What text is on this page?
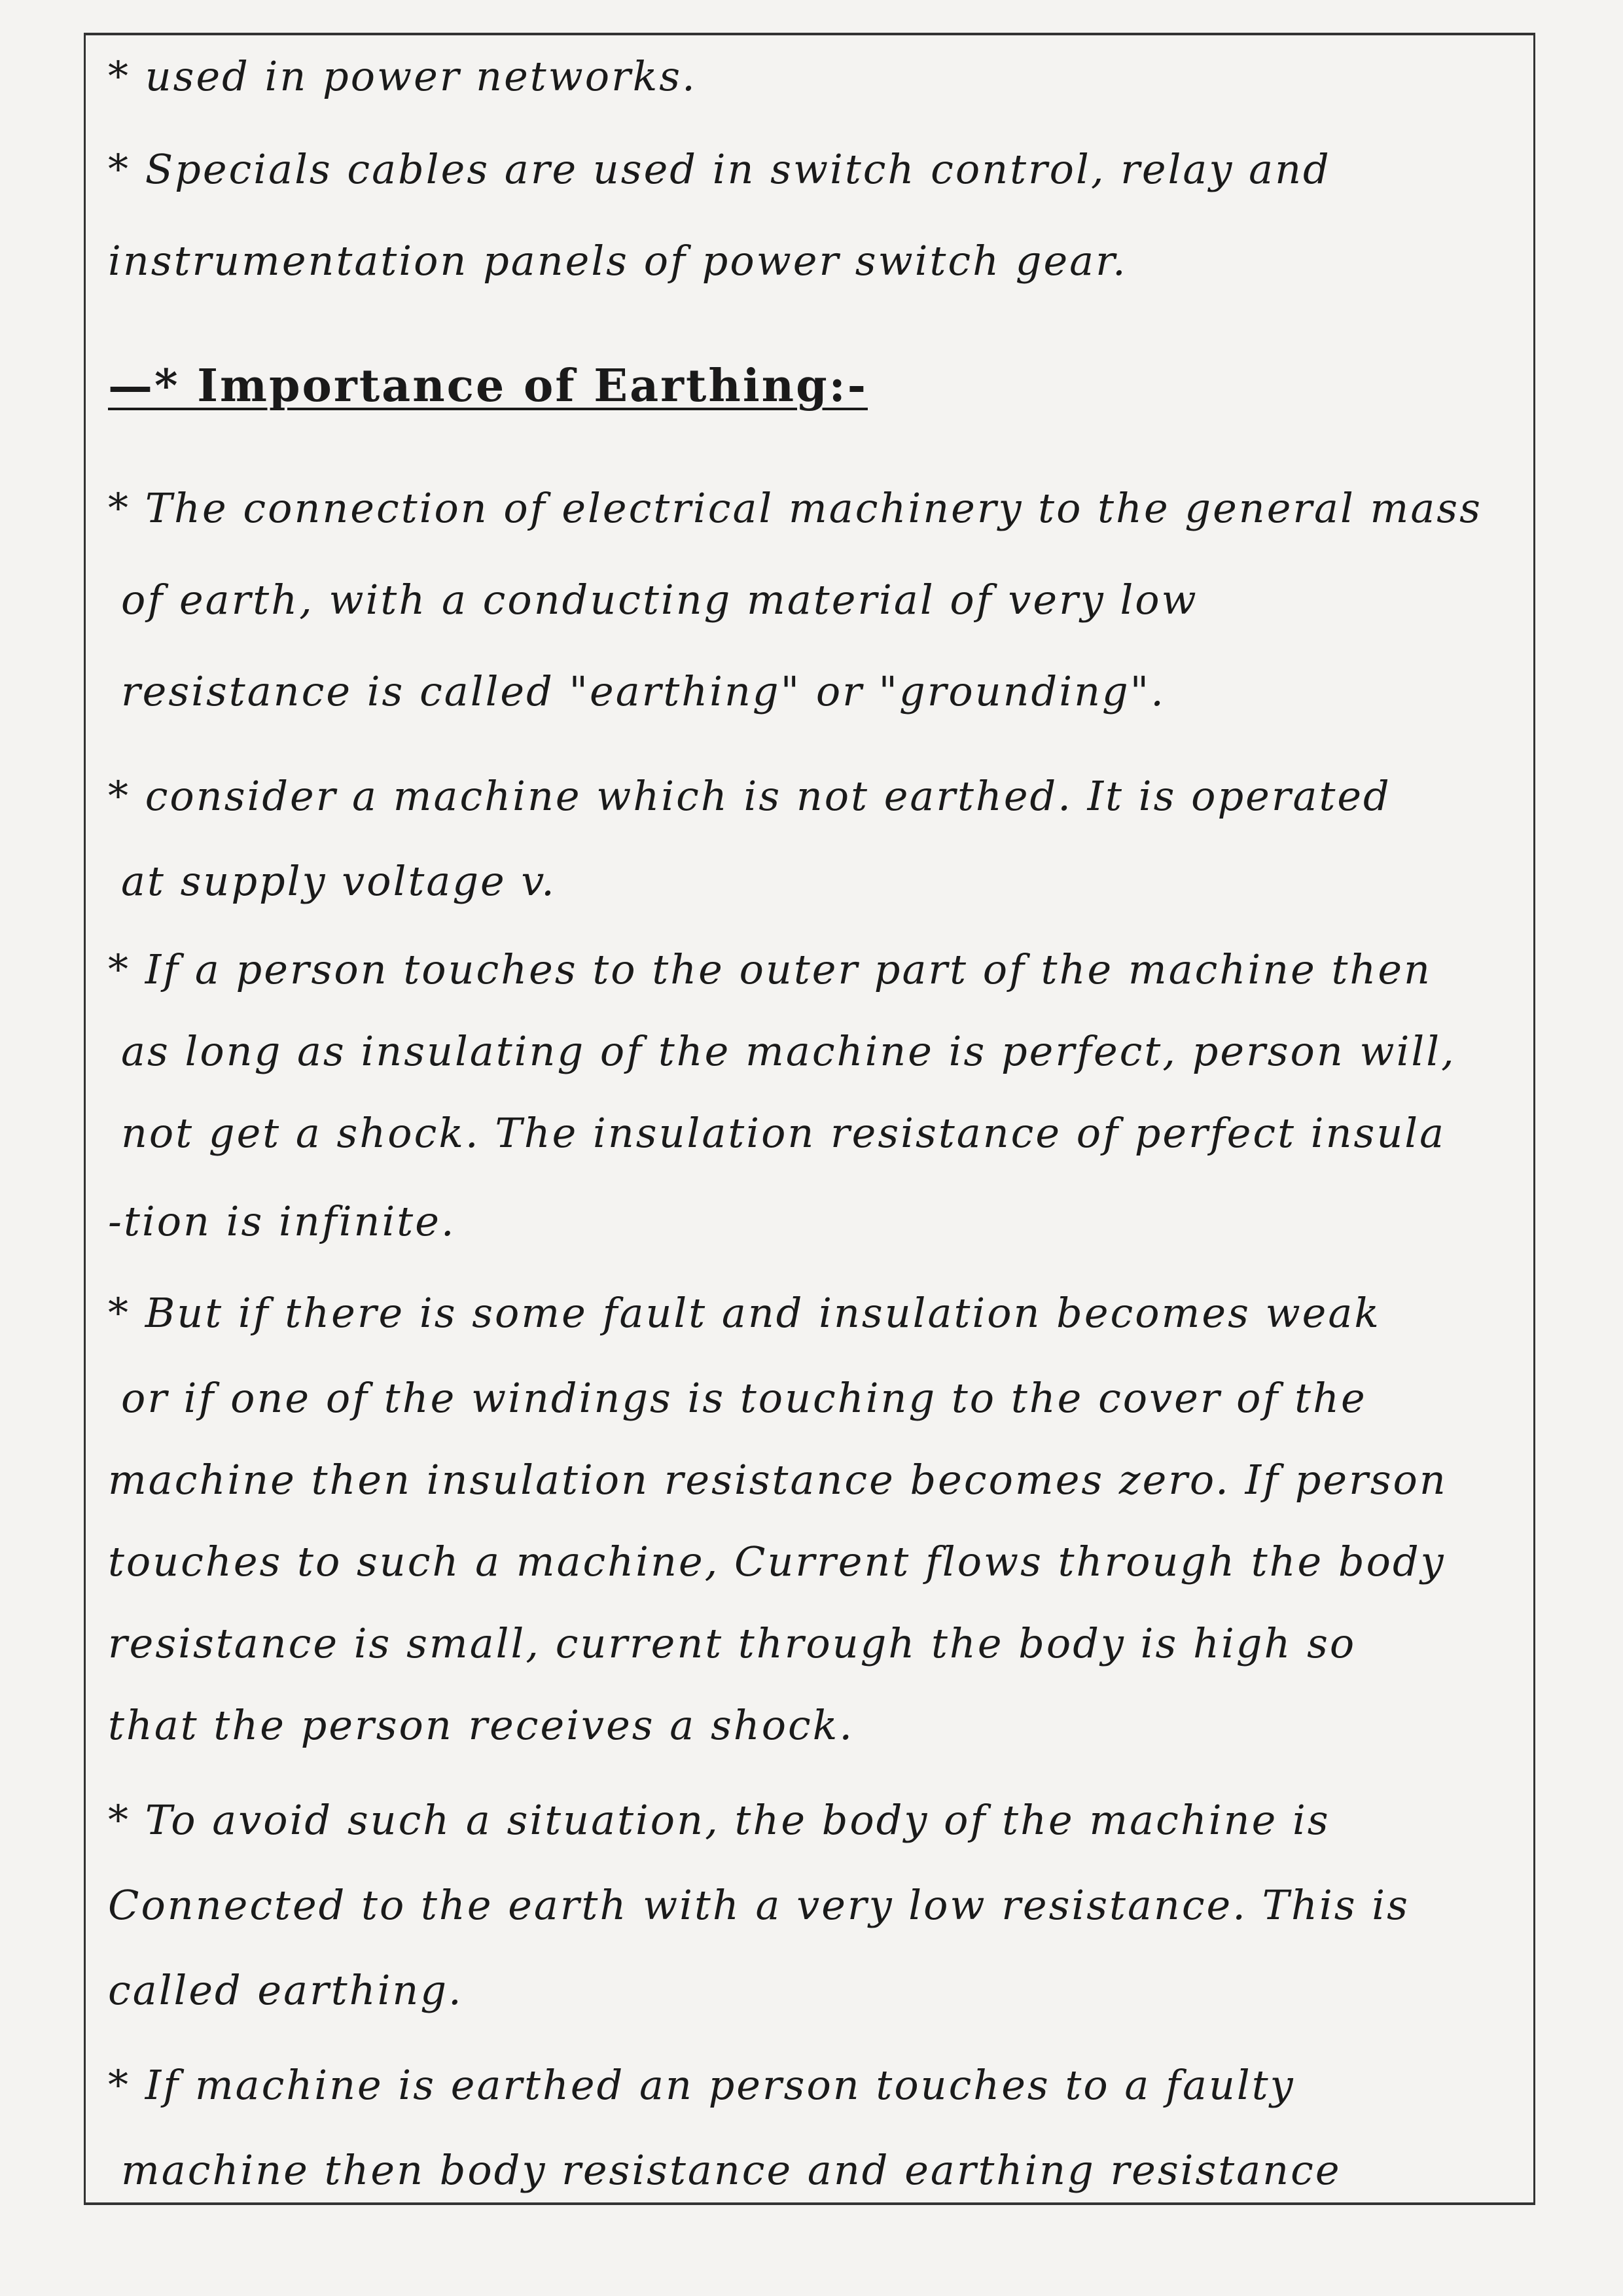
* used in power networks.
* Specials cables are used in switch control, relay and
instrumentation panels of power switch gear.
—* Importance of Earthing:-
* The connection of electrical machinery to the general mass
of earth, with a conducting material of very low
resistance is called "earthing" or "grounding".
* consider a machine which is not earthed. It is operated
at supply voltage v.
* If a person touches to the outer part of the machine then
as long as insulating of the machine is perfect, person will,
not get a shock. The insulation resistance of perfect insula
-tion is infinite.
* But if there is some fault and insulation becomes weak
or if one of the windings is touching to the cover of the
machine then insulation resistance becomes zero. If person
touches to such a machine, Current flows through the body
resistance is small, current through the body is high so
that the person receives a shock.
* To avoid such a situation, the body of the machine is
Connected to the earth with a very low resistance. This is
called earthing.
* If machine is earthed an person touches to a faulty
machine then body resistance and earthing resistance
